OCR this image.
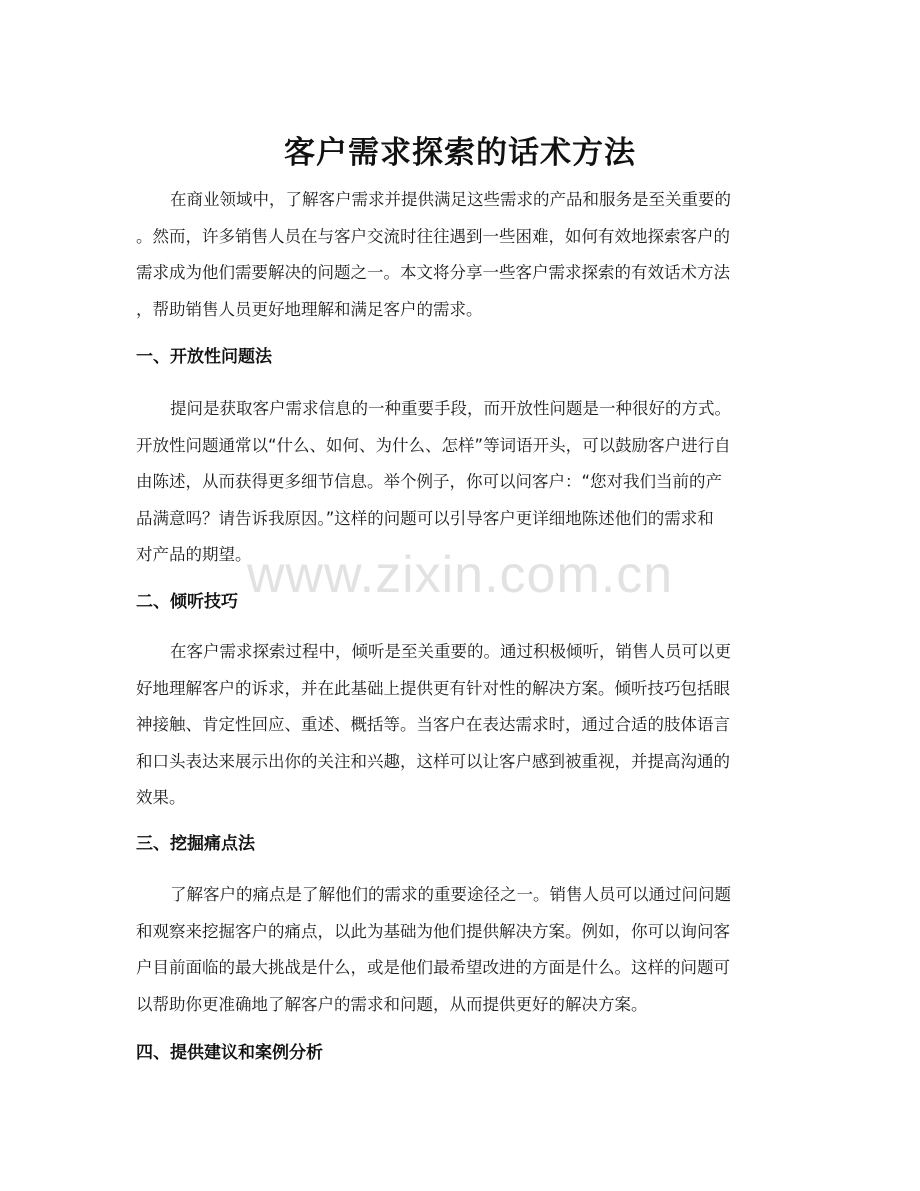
客户需求探索的话术方法
在商业领域中，了解客户需求并提供满足这些需求的产品和服务是至关重要的
。然而，许多销售人员在与客户交流时往往遇到一些困难，如何有效地探索客户的
需求成为他们需要解决的问题之一。本文将分享一些客户需求探索的有效话术方法
，帮助销售人员更好地理解和满足客户的需求。
一、开放性问题法
提问是获取客户需求信息的一种重要手段，而开放性问题是一种很好的方式。
开放性问题通常以“什么、如何、为什么、怎样”等词语开头，可以鼓励客户进行自
由陈述，从而获得更多细节信息。举个例子，你可以问客户：“您对我们当前的产
品满意吗？请告诉我原因。”这样的问题可以引导客户更详细地陈述他们的需求和
对产品的期望。
二、倾听技巧
在客户需求探索过程中，倾听是至关重要的。通过积极倾听，销售人员可以更
好地理解客户的诉求，并在此基础上提供更有针对性的解决方案。倾听技巧包括眼
神接触、肯定性回应、重述、概括等。当客户在表达需求时，通过合适的肢体语言
和口头表达来展示出你的关注和兴趣，这样可以让客户感到被重视，并提高沟通的
效果。
三、挖掘痛点法
了解客户的痛点是了解他们的需求的重要途径之一。销售人员可以通过问问题
和观察来挖掘客户的痛点，以此为基础为他们提供解决方案。例如，你可以询问客
户目前面临的最大挑战是什么，或是他们最希望改进的方面是什么。这样的问题可
以帮助你更准确地了解客户的需求和问题，从而提供更好的解决方案。
四、提供建议和案例分析
www.zixin.com.cn
